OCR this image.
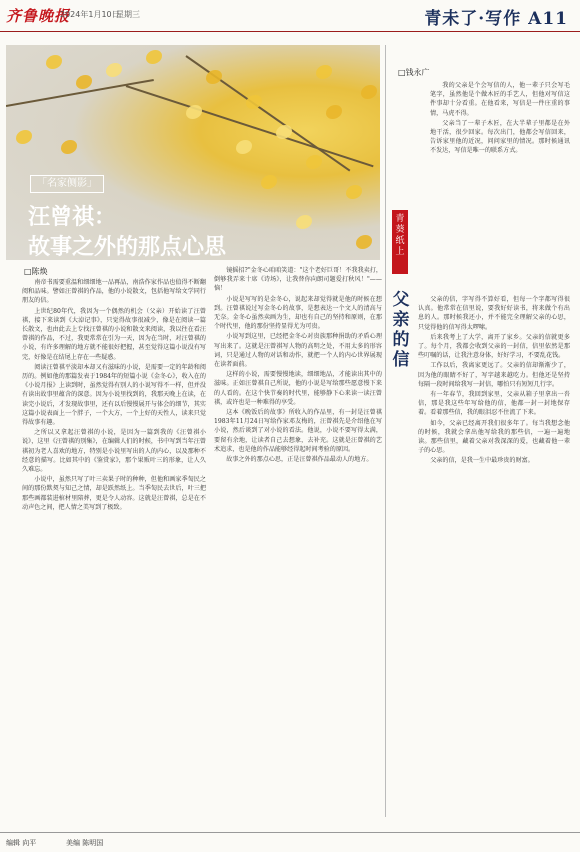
齐鲁晚报
2024年1月10日
星期三	青未了·写作 A11
「名家侧影」
汪曾祺：
故事之外的那点心思
□陈焕

南帝书需要重温和细细地一品再品，南浩作家作品也值得不断翻阅和品味。譬如汪曾祺的作品，他的小说散文，包括他写给文学同行朋友的信。

上世纪80年代，我因为一个偶然的机会（父亲）开始读了汪曾祺，接下来读到《大淖记事》，只觉得故事很减少，像是在阅读一篇长散文，也由此去上专找汪曾祺的小说和散文来阅读，我以往在看汪曾祺的作品，不过，我更常常在引为一天，因为在当时，对汪曾祺的小说，有许多理解的地方就不能很好把握，甚至觉得这篇小说没有写完，好像是在结尾上存在一些疑惑。

阅读汪曾祺平淡却本却又有滋味的小说，是需要一定的年龄和阅历的。例如他的那篇发表于1984年的短篇小说《金冬心》，收入在的《小说月报》上读到时，虽然觉得有别人的小说写得不一样，但并没有读出故事里蕴含的深意。因为小说里找到的，我那天晚上在读，在读完小说后，才发现故事里，还有以后慢慢展开与体会的细节，其实这篇小说表面上一个胖子，一个大方，一个上好的天性人，读来只觉得故事有趣。

之所以又拿起汪曾祺的小说，是因为一篇到我的《汪曾祺小说》，这里《汪曾祺的别集》，在编辑人们的时候，书中写到当年汪曾祺初为老人喜欢的地方，特别是小说里写出的人的内心，以及那种不经意的描写。比如其中的《鉴赏家》，那个果贩叶三的形象，让人久久难忘。

小说中，虽然只写了叶三卖果子时的种种，但他和画家季匋民之间的那份默契与知己之情，却是跃然纸上。当季匋民去世后，叶三把那些画都装进棺材里陪葬，更是令人动容。这就是汪曾祺，总是在不动声色之间，把人情之美写到了极致。

镜摇招?"金冬心咱咱笑道："这个老好巨哥！不我我卖打，倒够我弄来十席《诗场》，让我替你向朗司题爱打秋风！"——恼！

小说是写写的是金冬心，说起来却觉得就是他的时候在想到。汪曾祺说过写金冬心的故事，是想表达一个文人的清高与无奈。金冬心虽然卖画为生，却也有自己的坚持和原则，在那个时代里，他的那份坚持显得尤为可贵。

小说写到这里，已经把金冬心对贵族那种捐助的矛盾心理写出来了。这就是汪曾祺写人物的高明之处，不用太多的形容词，只是通过人物的对话和动作，就把一个人的内心世界展现在读者面前。

这样的小说，需要慢慢地读，细细地品，才能读出其中的滋味。正如汪曾祺自己所说，他的小说是写给那些愿意慢下来的人看的。在这个快节奏的时代里，能够静下心来读一读汪曾祺，或许也是一种难得的享受。

这本《晚饭后的故事》所收入的作品里，有一封是汪曾祺1983年11月24日写给作家邓友梅的，汪曾祺先是介绍他在写小说，然后谈到了对小说的看法。他说，小说不要写得太满，要留有余地，让读者自己去想象，去补充。这就是汪曾祺的艺术追求，也是他的作品能够经得起时间考验的原因。

故事之外的那点心思，正是汪曾祺作品最动人的地方。

□钱永广

我的父亲是个会写信的人，他一辈子只会写毛笔字，虽然他是个做木匠的手艺人，但他对写信这件事却十分看重。在他看来，写信是一件庄重的事情，马虎不得。

父亲当了一辈子木匠，在大半辈子里都是在外地干活，很少回家。每次出门，他都会写信回来，告诉家里他的近况，问问家里的情况。那时候通讯不发达，写信是唯一的联系方式。

青葵纸上
父亲的信

父亲的信，字写得不算好看，但每一个字都写得很认真。他常常在信里说，要我好好读书，将来做个有出息的人。那时候我还小，并不能完全理解父亲的心思，只觉得他的信写得太啰嗦。

后来我考上了大学，离开了家乡。父亲的信就更多了。每个月，我都会收到父亲的一封信，信里依然是那些叮嘱的话，让我注意身体，好好学习，不要乱花钱。

工作以后，我离家更远了。父亲的信却渐渐少了，因为他的眼睛不好了，写字越来越吃力。但他还是坚持每隔一段时间给我写一封信，哪怕只有短短几行字。

有一年春节，我回到家里，父亲从箱子里拿出一沓信，那是我这些年写给他的信，他都一封一封地保存着。看着那些信，我的眼泪忍不住流了下来。

如今，父亲已经离开我们很多年了。每当我想念他的时候，我就会拿出他写给我的那些信，一遍一遍地读。那些信里，藏着父亲对我深深的爱，也藏着他一辈子的心思。

父亲的信，是我一生中最珍贵的财富。

编辑 向平	美编 陈明国
